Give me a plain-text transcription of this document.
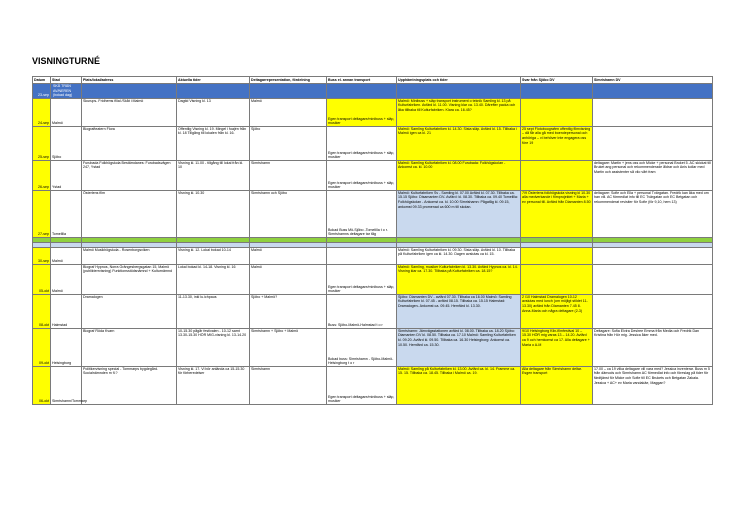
VISNINGTURNÉ
Datum	Stad	Plats/lokal/adress	Aktuella tider	Deltagarrepresentation, fördelning	Buss el. annan transport	Upphämtningsplats och tider	Svar från Sjöbo DV	Simrishamn DV
23-sep	SKÅ TRÄN AV/NEREN (bokad dag)							
24-sep	Malmö	Skurups- Fridhems filial /Skåt i Malmö	Dagtid Visning kl. 13	Malmö	Egen transport deltagare/minibuss + släp, musiker	Malmö: Minibuss + släp transport instrument o teknik Samling kl. 13 på Kulturfabriken. Avfärd kl. 11.00. Visning klar ca. 13.40. Därefter packa och åka tillbaka till Kulturfabriken. Klara ca. 16.45?		
25-sep	Sjöbo	Biografteatern Flora	Offentlig Visning kl. 19. Mingel i foajén från kl. 18 Tillgång till lokalen från kl. 16.	Sjöbo	Egen transport deltagare/minibuss + släp, musiker	Malmö: Samling Kulturfabriken kl. 14.30. Sista släp. Avfärd kl. 15. Tillbaka i Malmö igen ca kl. 21	25 sept Flotoboografen offentlig filmvisning – då får alla gå med boendepersonal och anhöriga – vi behöver inte engagera oss före 19	
26-sep	Ystad	Furubada Folkhögskola Bestämdanes: Furubadsvägen 247, Ystad	Visning kl. 11.00 - tillgång till lokal från kl. 10	Simrishamn	Egen transport deltagare/minibuss + släp, musiker	Malmö: Samling Kulturfabriken kl. 08.00 Furubada: Folkhögskolan - Ankomst ca. kl. 10.00		deltagare: Martin + jens oss och Micke + personal Bruket 5. AC skickat till Bruket ang personal och rekommenderade åldrar och Anis kollar med Martin och assistenter så vilo vårt fram
27-sep	Tomelilla	Österlens film	Visning kl. 10.30	Simrishamn och Sjöbo	Bokad Buss Mö-Sjöbo -Tomelilla t o r. Simrishamns deltagare tar tåg	Malmö: Kulturfabriken Sv - Samling kl. 07.00 Avfärd kl. 07.30. Tillbaka ca. 15.15 Sjöbo: Disamanten DV- Avfärd: kl. 08.30. Tillbaka ca. 09.40 Tomelilla: Folkhögskolan - Ankomst ca. kl. 10.00 Simrishamn: Pågatåg kl. 09.15, ankomst 09.33 promenad ca 600 m till skolan.	7/9 Österlens folkhögskola visning kl 10.30 alla medverkande i filmprojektet + Maria + ev personal till. Avfärd från Diamanten 8.50	deltagare: Sofie och Ella + personal Tvärgatan. Fredrik kan åka med om han vill. AC förmedlat info till EC Tvärgatan och EC Betgatan och rekommenderat revisiter för Sofie (för 9,10, hem 13)

30-sep	Malmö	Malmö Musikhögskola - Rosenborgsviken	Visning kl. 12. Lokal bokad 10-14	Malmö		Malmö: Samling Kulturfabriken kl. 09.30. Sista släp. Avfärd kl. 10. Tillbaka på Kulturfabriken igen ca kl. 14.30. Dagen avslutas ca kl. 15.		
05-okt	Malmö	Biograf Hypnos, Norra Grängesbergsgatan 15, Malmö (publikterrvisning) Funktionsstödsnämnd + Kulturnämnd	Lokal bokad kl. 14-18. Visning kl. 16	Malmö	Egen transport deltagare/minibuss + släp, musiker	Malmö: Samling, musiker Kulturfabriken kl. 13.30. Avfärd Hypnos ca. kl. 14. Visning klar ca. 17.30. Tillbaka på Kulturfabriken ca. 18.15?		
08-okt	Halmstad	Dramalogen	11-13.30, inkl lu.ichpaus	Sjöbo + Malmö?	Buss: Sjöbo-Malmö-Halmstad t o r	Sjöbo: Diamanten DV - avfärd 07.30. Tillbaka ca 16.00 Malmö: Samling Kulturfabriken kl. 07.45 - avfärd 08.15. Tillbaka ca. 15.15 Halmstad: Dramalogen- Ankomst ca. 09.45. Hemfärd kl. 13.30.	2 /10 Halmstad Dramalogen 10-12 avslutas med lunch (om möjligt stildet 11-13.30) avfärd från Diamanten 7.45 8. Anna-Maria och några deltagare (2-3)	
09-okt	Helsingborg	Biograf Röda Kvarn	10-15.30 pågår festivalen - 10-12 samt 13.30-15.30 HÖR MIG-visning kl. 13-14.20	Simrishamn + Sjöbo + Malmö	Bokad buss: Simrishamn - Sjöbo-Malmö-Helsingborg t o r	Simrishamn: Järnvägsstationen avfärd kl. 08.00. Tillbaka ca. 18.20 Sjöbo: Diamanten DV kl. 08.50. Tillbaka ca. 17.10 Malmö: Samling Kulturfabriken kl. 09.20. Avfärd kl. 09.50. Tillbaka ca. 16.30 Helsingborg: Ankomst ca. 10.50. Hemfärd ca. 15.30.	9/10 Helsingborg Kiln-filmfestival 10 – 15.30 HÖR mig varas 13 – 14.20. Avfärd ca 9 och hemkomst ca 17. Alla deltagare + Maria o A-M	Deltagare: Sofia Elvira Desiree Emma från Media och Fredrik Dan Kristina från Hör mig. Jessica åker med.
06-okt	Simrishamn/Tommarp	Politikervisning special - Tommarps bygdegård. Socialnämnden m fl.?	Visning kl. 17. Vi bör anlända ca 15-15.30 för förberedelser	Simrishamn	Egen transport deltagare/minibuss + släp, musiker	Malmö: Samling på Kulturfabriken kl. 13.00. Avfärd ca. kl. 14. Framme ca. 15. 15. Tillbaka ca. 18.45. Tillbaka i Malmö ca. 19.	Alla deltagare från Simrishamn deltar. Esgen transport	17.00 – ca 19 vilka deltagare vill vara med? Jessica inventerar. Buss m 5 från därnods och Simrishamn AC förmedlat info och föreslag på tider för färdtjänst för Micke och Sofie till EC Brukets och Betgatan Zakaia. Jessica + AC+ ev Maria vandakäe, Maggan?
